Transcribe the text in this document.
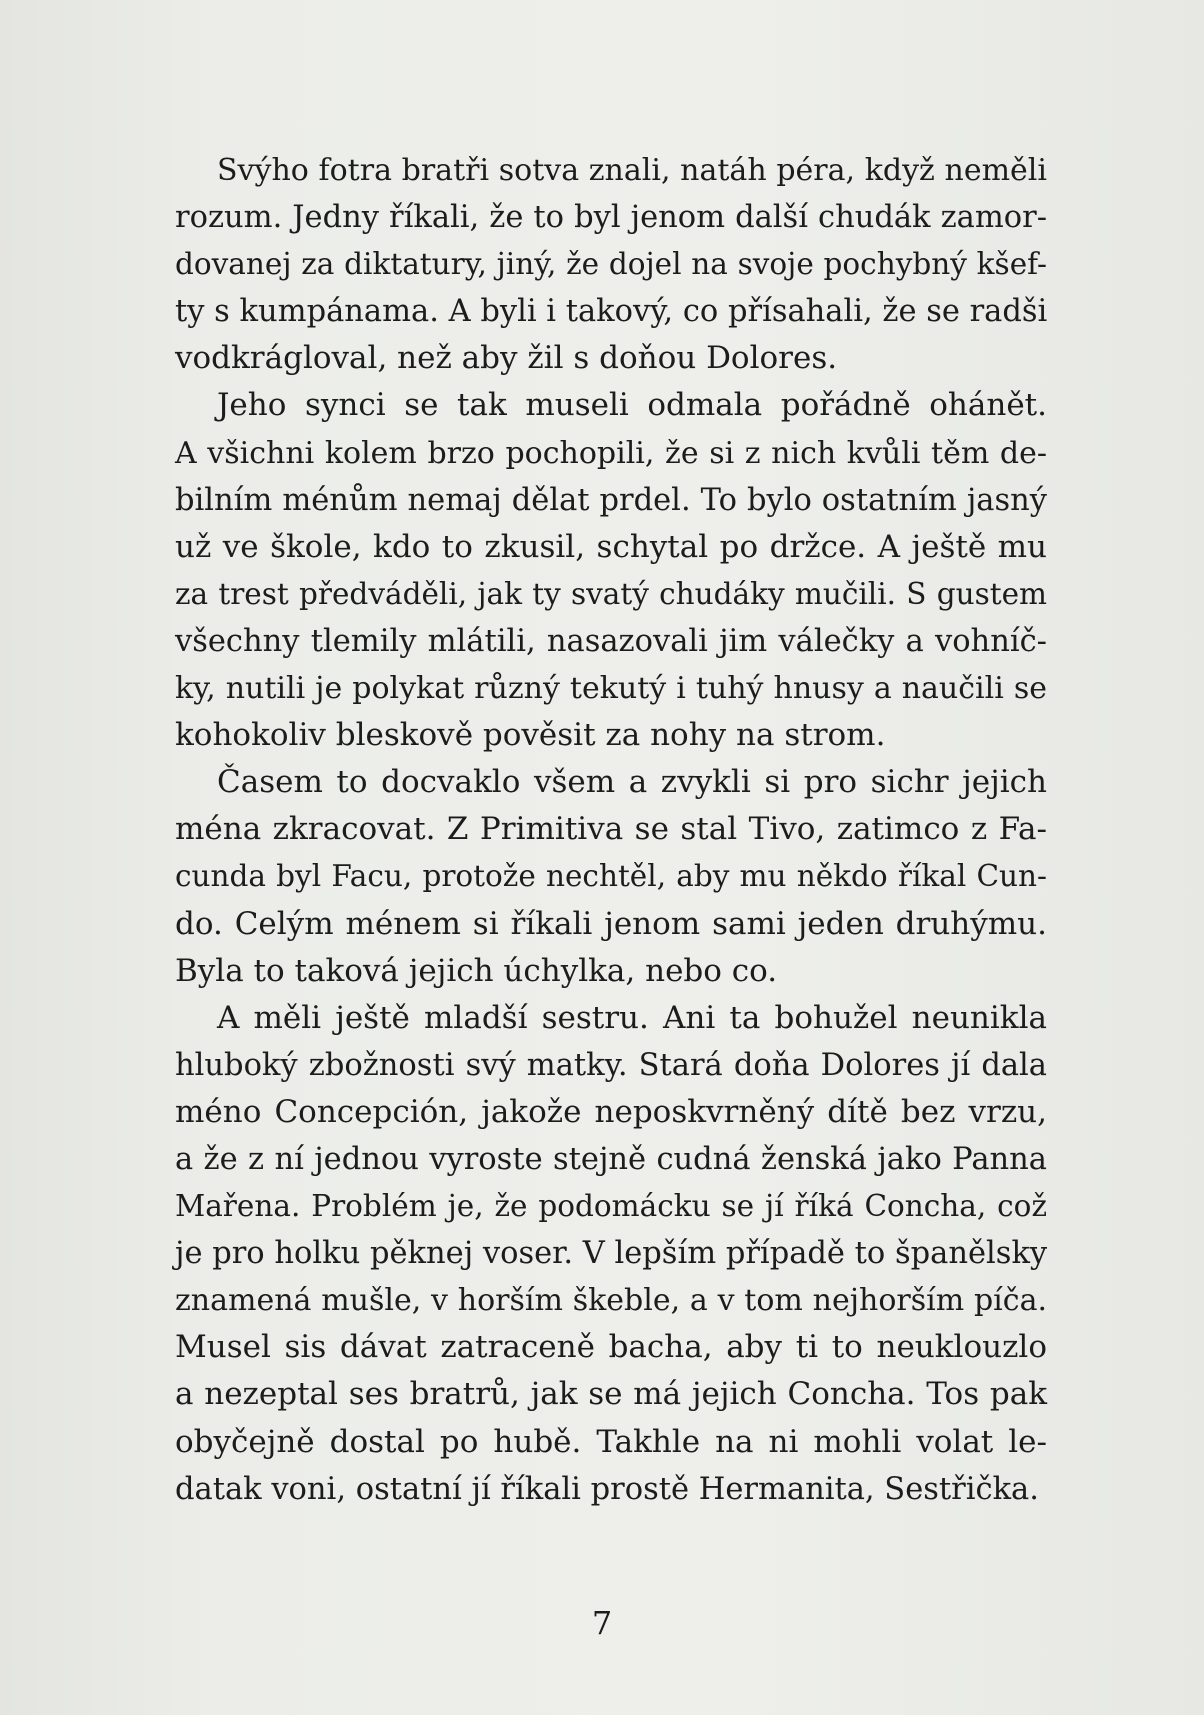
Svýho fotra bratři sotva znali, natáh péra, když neměli
rozum. Jedny říkali, že to byl jenom další chudák zamor-
dovanej za diktatury, jiný, že dojel na svoje pochybný kšef-
ty s kumpánama. A byli i takový, co přísahali, že se radši
vodkrágloval, než aby žil s doňou Dolores.
Jeho synci se tak museli odmala pořádně ohánět.
A všichni kolem brzo pochopili, že si z nich kvůli těm de-
bilním ménům nemaj dělat prdel. To bylo ostatním jasný
už ve škole, kdo to zkusil, schytal po držce. A ještě mu
za trest předváděli, jak ty svatý chudáky mučili. S gustem
všechny tlemily mlátili, nasazovali jim válečky a vohníč-
ky, nutili je polykat různý tekutý i tuhý hnusy a naučili se
kohokoliv bleskově pověsit za nohy na strom.
Časem to docvaklo všem a zvykli si pro sichr jejich
ména zkracovat. Z Primitiva se stal Tivo, zatimco z Fa-
cunda byl Facu, protože nechtěl, aby mu někdo říkal Cun-
do. Celým ménem si říkali jenom sami jeden druhýmu.
Byla to taková jejich úchylka, nebo co.
A měli ještě mladší sestru. Ani ta bohužel neunikla
hluboký zbožnosti svý matky. Stará doňa Dolores jí dala
méno Concepción, jakože neposkvrněný dítě bez vrzu,
a že z ní jednou vyroste stejně cudná ženská jako Panna
Mařena. Problém je, že podomácku se jí říká Concha, což
je pro holku pěknej voser. V lepším případě to španělsky
znamená mušle, v horším škeble, a v tom nejhorším píča.
Musel sis dávat zatraceně bacha, aby ti to neuklouzlo
a nezeptal ses bratrů, jak se má jejich Concha. Tos pak
obyčejně dostal po hubě. Takhle na ni mohli volat le-
datak voni, ostatní jí říkali prostě Hermanita, Sestřička.
7
